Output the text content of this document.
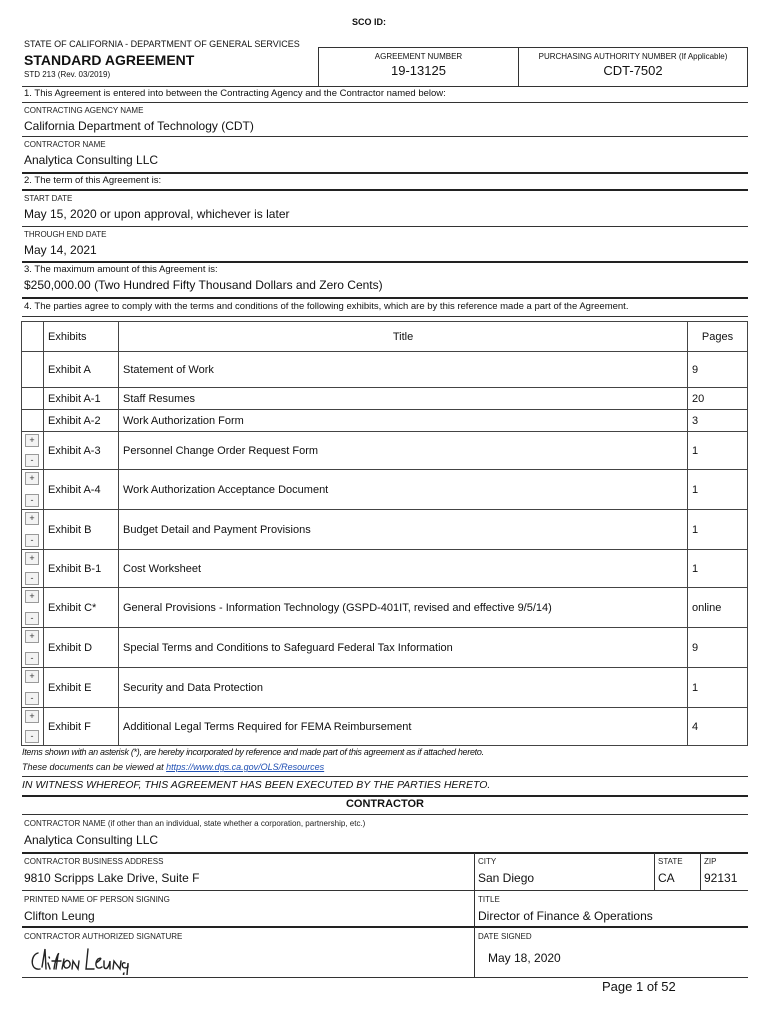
SCO ID:
STATE OF CALIFORNIA - DEPARTMENT OF GENERAL SERVICES
STANDARD AGREEMENT
STD 213 (Rev. 03/2019)
AGREEMENT NUMBER
19-13125
PURCHASING AUTHORITY NUMBER (If Applicable)
CDT-7502
1. This Agreement is entered into between the Contracting Agency and the Contractor named below:
CONTRACTING AGENCY NAME
California Department of Technology (CDT)
CONTRACTOR NAME
Analytica Consulting LLC
2. The term of this Agreement is:
START DATE
May 15, 2020 or upon approval, whichever is later
THROUGH END DATE
May 14, 2021
3. The maximum amount of this Agreement is:
$250,000.00 (Two Hundred Fifty Thousand Dollars and Zero Cents)
4. The parties agree to comply with the terms and conditions of the following exhibits, which are by this reference made a part of the Agreement.
	Exhibits	Title	Pages
	Exhibit A	Statement of Work	9
	Exhibit A-1	Staff Resumes	20
	Exhibit A-2	Work Authorization Form	3

+
-	Exhibit A-3	Personnel Change Order Request Form	1

+
-	Exhibit A-4	Work Authorization Acceptance Document	1

+
-	Exhibit B	Budget Detail and Payment Provisions	1

+
-	Exhibit B-1	Cost Worksheet	1

+
-	Exhibit C*	General Provisions - Information Technology (GSPD-401IT, revised and effective 9/5/14)	online

+
-	Exhibit D	Special Terms and Conditions to Safeguard Federal Tax Information	9

+
-	Exhibit E	Security and Data Protection	1

+
-	Exhibit F	Additional Legal Terms Required for FEMA Reimbursement	4
Items shown with an asterisk (*), are hereby incorporated by reference and made part of this agreement as if attached hereto.
These documents can be viewed at https://www.dgs.ca.gov/OLS/Resources
IN WITNESS WHEREOF, THIS AGREEMENT HAS BEEN EXECUTED BY THE PARTIES HERETO.
CONTRACTOR
CONTRACTOR NAME (if other than an individual, state whether a corporation, partnership, etc.)
Analytica Consulting LLC
CONTRACTOR BUSINESS ADDRESS
9810 Scripps Lake Drive, Suite F
CITY
San Diego
STATE
CA
ZIP
92131
PRINTED NAME OF PERSON SIGNING
Clifton Leung
TITLE
Director of Finance & Operations
CONTRACTOR AUTHORIZED SIGNATURE	DATE SIGNED
May 18, 2020
Page 1 of 52
